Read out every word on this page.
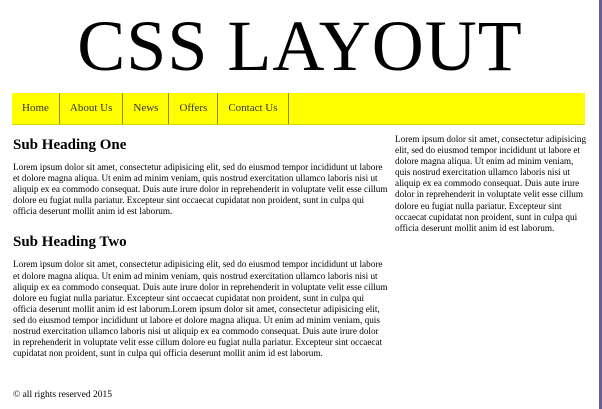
CSS LAYOUT
Home	About Us	News	Offers	Contact Us
Sub Heading One

Lorem ipsum dolor sit amet, consectetur adipisicing elit, sed do eiusmod tempor incididunt ut labore et dolore magna aliqua. Ut enim ad minim veniam, quis nostrud exercitation ullamco laboris nisi ut aliquip ex ea commodo consequat. Duis aute irure dolor in reprehenderit in voluptate velit esse cillum dolore eu fugiat nulla pariatur. Excepteur sint occaecat cupidatat non proident, sunt in culpa qui officia deserunt mollit anim id est laborum.

Sub Heading Two

Lorem ipsum dolor sit amet, consectetur adipisicing elit, sed do eiusmod tempor incididunt ut labore et dolore magna aliqua. Ut enim ad minim veniam, quis nostrud exercitation ullamco laboris nisi ut aliquip ex ea commodo consequat. Duis aute irure dolor in reprehenderit in voluptate velit esse cillum dolore eu fugiat nulla pariatur. Excepteur sint occaecat cupidatat non proident, sunt in culpa qui officia deserunt mollit anim id est laborum.Lorem ipsum dolor sit amet, consectetur adipisicing elit, sed do eiusmod tempor incididunt ut labore et dolore magna aliqua. Ut enim ad minim veniam, quis nostrud exercitation ullamco laboris nisi ut aliquip ex ea commodo consequat. Duis aute irure dolor in reprehenderit in voluptate velit esse cillum dolore eu fugiat nulla pariatur. Excepteur sint occaecat cupidatat non proident, sunt in culpa qui officia deserunt mollit anim id est laborum.

Lorem ipsum dolor sit amet, consectetur adipisicing elit, sed do eiusmod tempor incididunt ut labore et dolore magna aliqua. Ut enim ad minim veniam, quis nostrud exercitation ullamco laboris nisi ut aliquip ex ea commodo consequat. Duis aute irure dolor in reprehenderit in voluptate velit esse cillum dolore eu fugiat nulla pariatur. Excepteur sint occaecat cupidatat non proident, sunt in culpa qui officia deserunt mollit anim id est laborum.

© all rights reserved 2015
